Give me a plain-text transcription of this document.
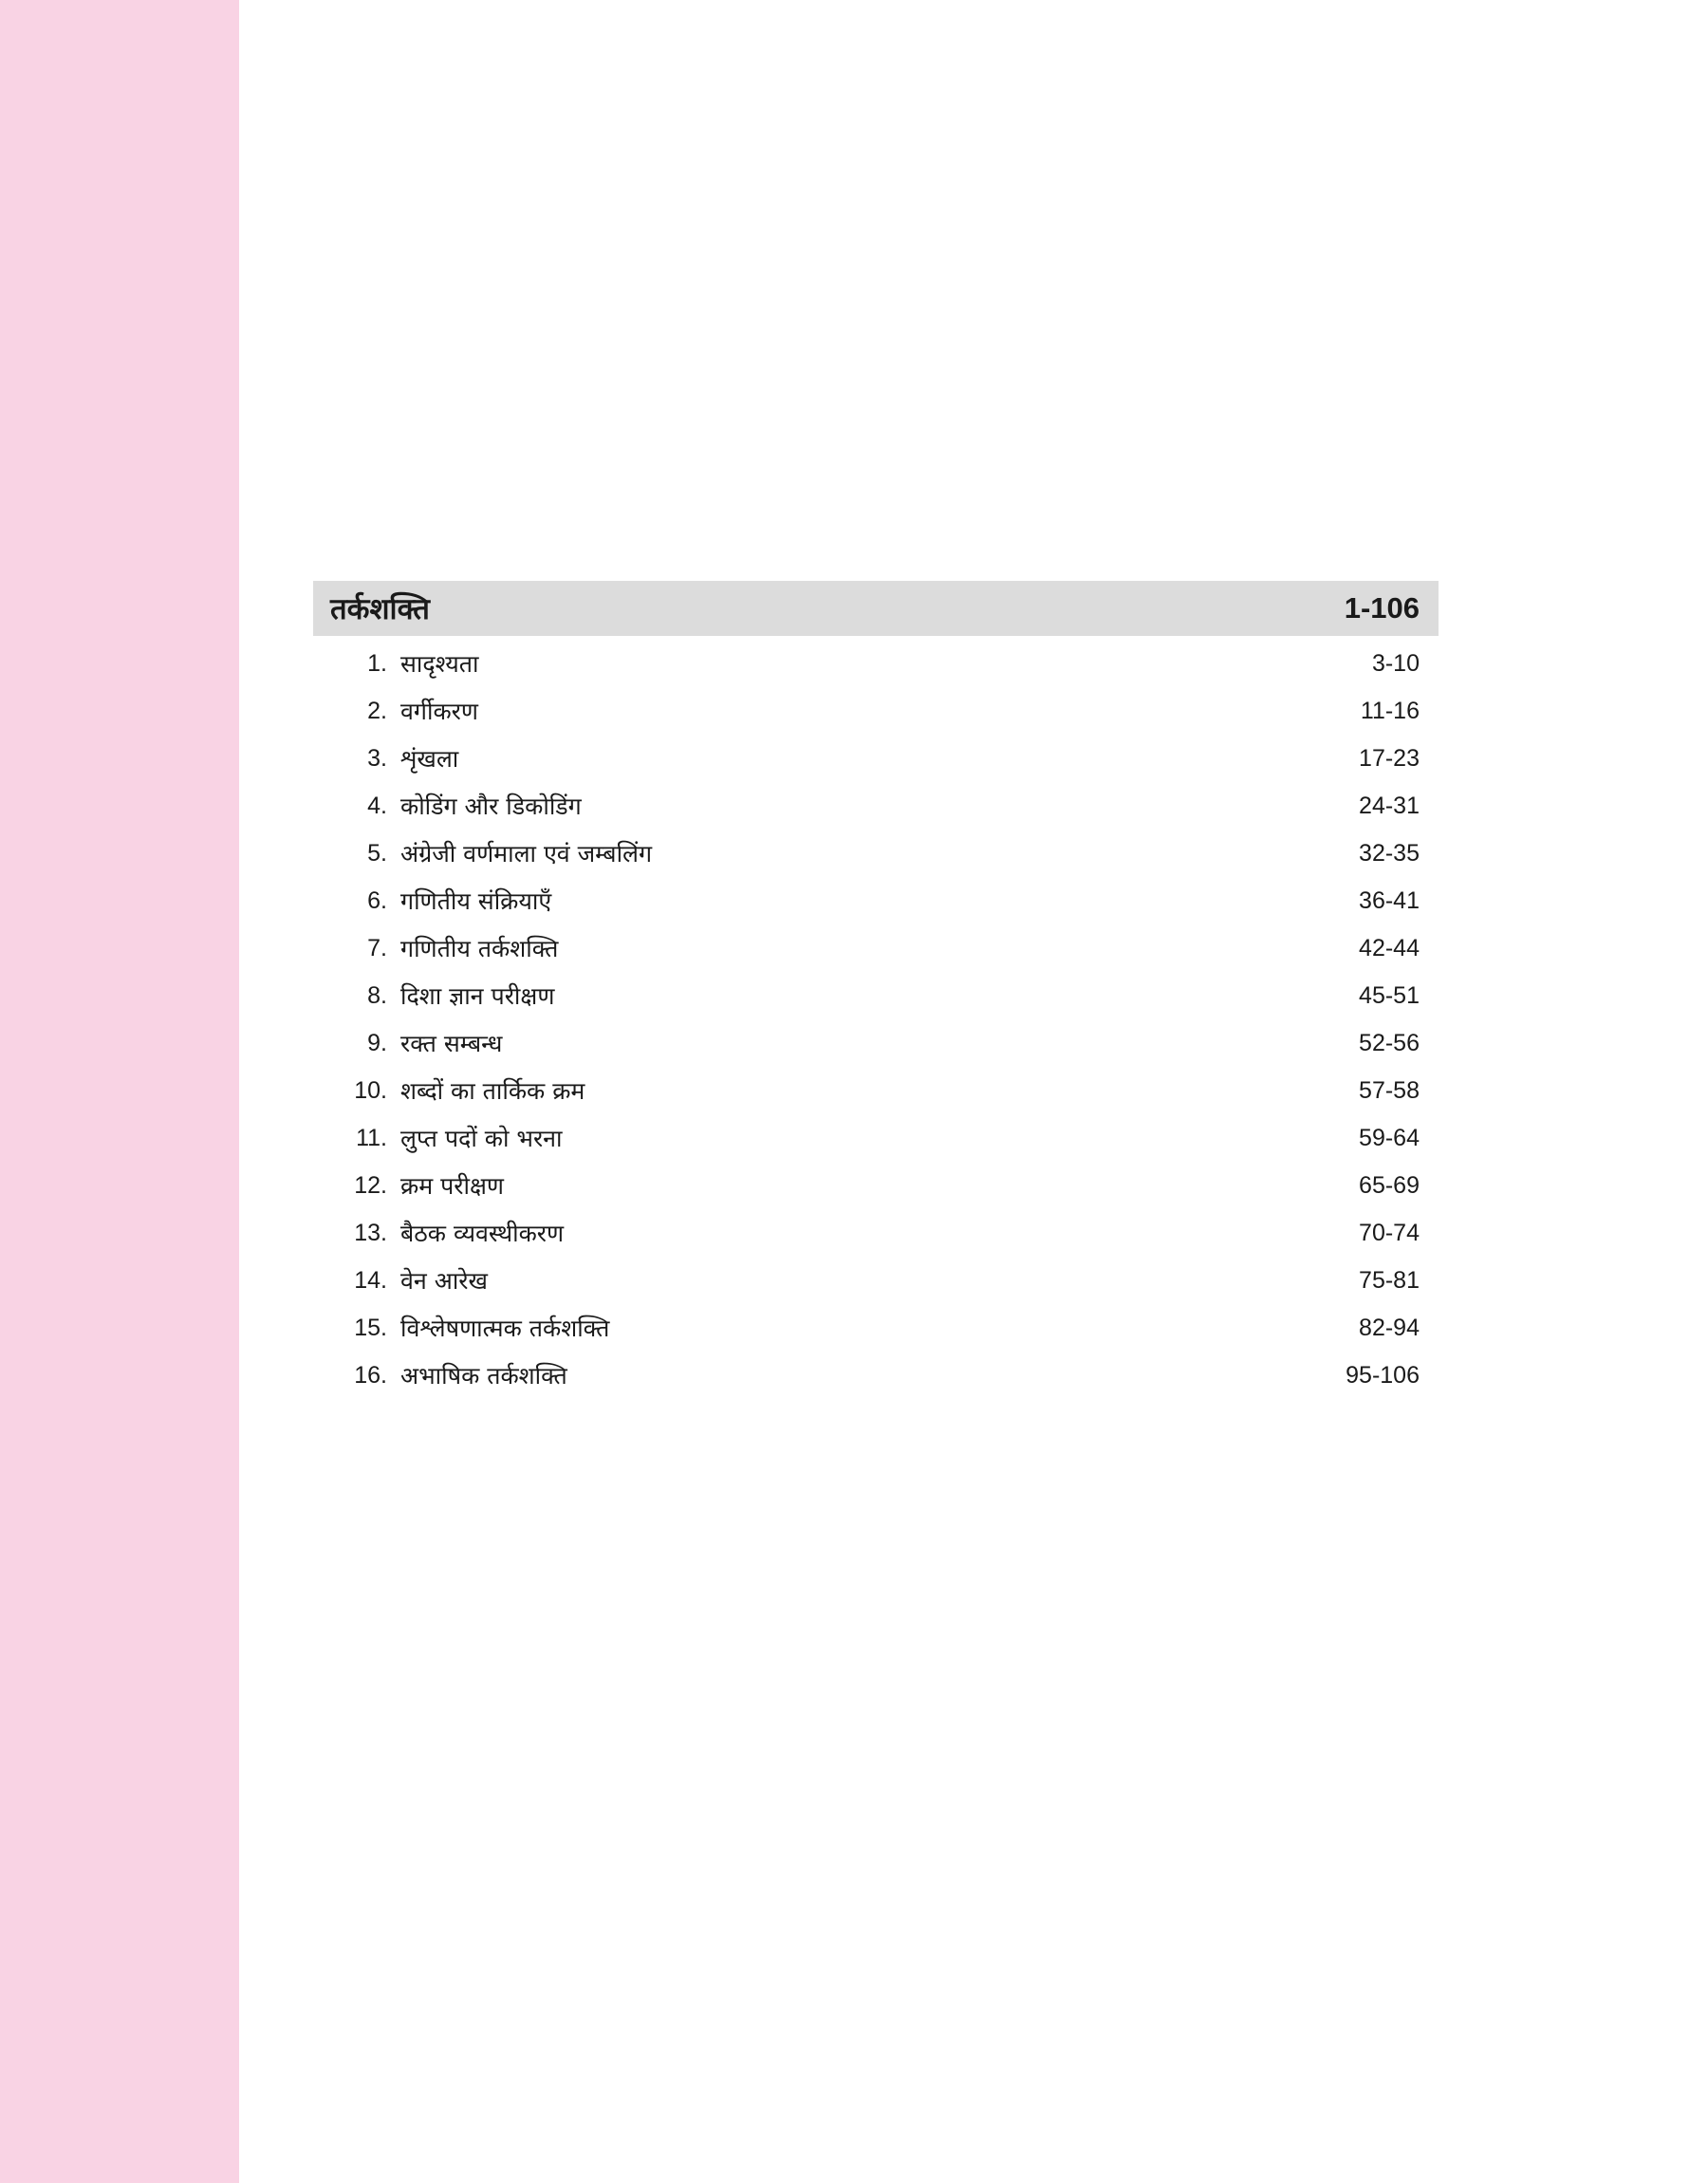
तर्कशक्ति	1-106
1. सादृश्यता	3-10
2. वर्गीकरण	11-16
3. शृंखला	17-23
4. कोडिंग और डिकोडिंग	24-31
5. अंग्रेजी वर्णमाला एवं जम्बलिंग	32-35
6. गणितीय संक्रियाएँ	36-41
7. गणितीय तर्कशक्ति	42-44
8. दिशा ज्ञान परीक्षण	45-51
9. रक्त सम्बन्ध	52-56
10. शब्दों का तार्किक क्रम	57-58
11. लुप्त पदों को भरना	59-64
12. क्रम परीक्षण	65-69
13. बैठक व्यवस्थीकरण	70-74
14. वेन आरेख	75-81
15. विश्लेषणात्मक तर्कशक्ति	82-94
16. अभाषिक तर्कशक्ति	95-106
